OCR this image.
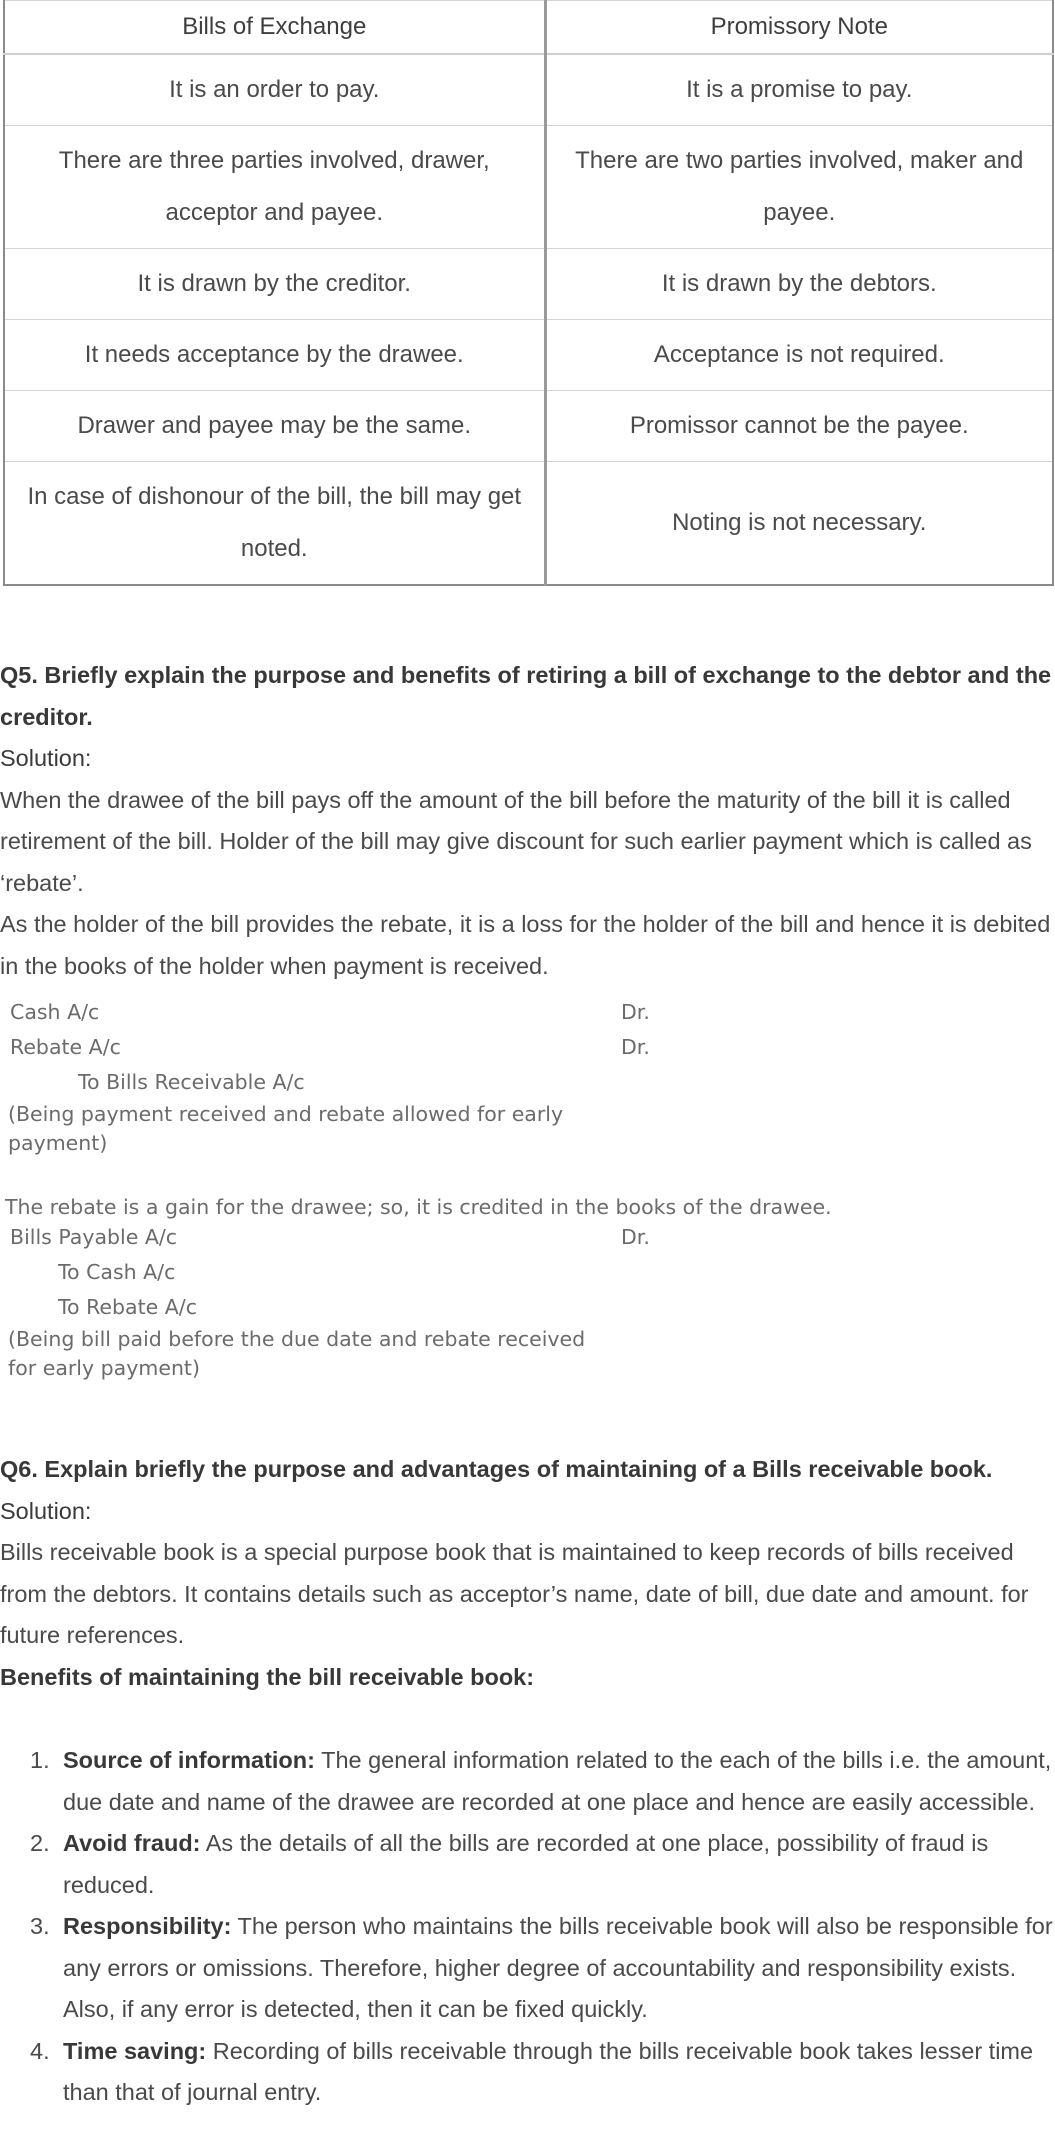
Bills of Exchange	Promissory Note
It is an order to pay.	It is a promise to pay.
There are three parties involved, drawer, acceptor and payee.	There are two parties involved, maker and payee.
It is drawn by the creditor.	It is drawn by the debtors.
It needs acceptance by the drawee.	Acceptance is not required.
Drawer and payee may be the same.	Promissor cannot be the payee.
In case of dishonour of the bill, the bill may get noted.	Noting is not necessary.

Q5. Briefly explain the purpose and benefits of retiring a bill of exchange to the debtor and the creditor.

Solution:

When the drawee of the bill pays off the amount of the bill before the maturity of the bill it is called retirement of the bill. Holder of the bill may give discount for such earlier payment which is called as ‘rebate’.

As the holder of the bill provides the rebate, it is a loss for the holder of the bill and hence it is debited in the books of the holder when payment is received.

Cash A/c	Dr.
Rebate A/c	Dr.
To Bills Receivable A/c
(Being payment received and rebate allowed for early payment)
The rebate is a gain for the drawee; so, it is credited in the books of the drawee.
Bills Payable A/c	Dr.
To Cash A/c
To Rebate A/c
(Being bill paid before the due date and rebate received for early payment)

Q6. Explain briefly the purpose and advantages of maintaining of a Bills receivable book.

Solution:

Bills receivable book is a special purpose book that is maintained to keep records of bills received from the debtors. It contains details such as acceptor’s name, date of bill, due date and amount. for future references.

Benefits of maintaining the bill receivable book:

1. Source of information: The general information related to the each of the bills i.e. the amount, due date and name of the drawee are recorded at one place and hence are easily accessible.
2. Avoid fraud: As the details of all the bills are recorded at one place, possibility of fraud is reduced.
3. Responsibility: The person who maintains the bills receivable book will also be responsible for any errors or omissions. Therefore, higher degree of accountability and responsibility exists. Also, if any error is detected, then it can be fixed quickly.
4. Time saving: Recording of bills receivable through the bills receivable book takes lesser time than that of journal entry.
